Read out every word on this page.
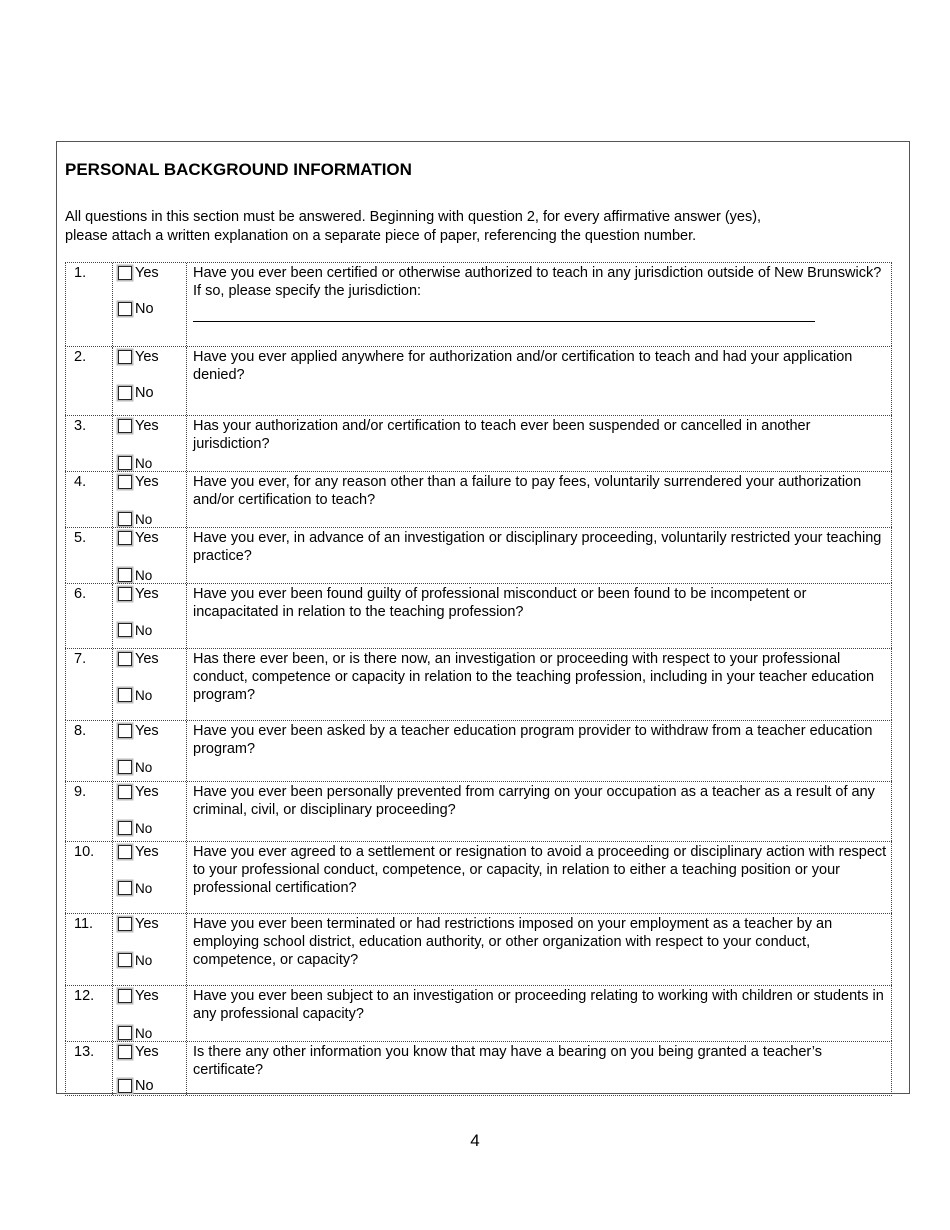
PERSONAL BACKGROUND INFORMATION
All questions in this section must be answered. Beginning with question 2, for every affirmative answer (yes),
please attach a written explanation on a separate piece of paper, referencing the question number.
1.	Yes
No
Have you ever been certified or otherwise authorized to teach in any jurisdiction outside of New Brunswick? If so, please specify the jurisdiction:
2.	Yes
No
Have you ever applied anywhere for authorization and/or certification to teach and had your application denied?
3.	Yes
No
Has your authorization and/or certification to teach ever been suspended or cancelled in another jurisdiction?
4.	Yes
No
Have you ever, for any reason other than a failure to pay fees, voluntarily surrendered your authorization and/or certification to teach?
5.	Yes
No
Have you ever, in advance of an investigation or disciplinary proceeding, voluntarily restricted your teaching practice?
6.	Yes
No
Have you ever been found guilty of professional misconduct or been found to be incompetent or incapacitated in relation to the teaching profession?
7.	Yes
No
Has there ever been, or is there now, an investigation or proceeding with respect to your professional conduct, competence or capacity in relation to the teaching profession, including in your teacher education program?
8.	Yes
No
Have you ever been asked by a teacher education program provider to withdraw from a teacher education program?
9.	Yes
No
Have you ever been personally prevented from carrying on your occupation as a teacher as a result of any criminal, civil, or disciplinary proceeding?
10.	Yes
No
Have you ever agreed to a settlement or resignation to avoid a proceeding or disciplinary action with respect to your professional conduct, competence, or capacity, in relation to either a teaching position or your professional certification?
11.	Yes
No
Have you ever been terminated or had restrictions imposed on your employment as a teacher by an employing school district, education authority, or other organization with respect to your conduct, competence, or capacity?
12.	Yes
No
Have you ever been subject to an investigation or proceeding relating to working with children or students in any professional capacity?
13.	Yes
No
Is there any other information you know that may have a bearing on you being granted a teacher’s certificate?
4
